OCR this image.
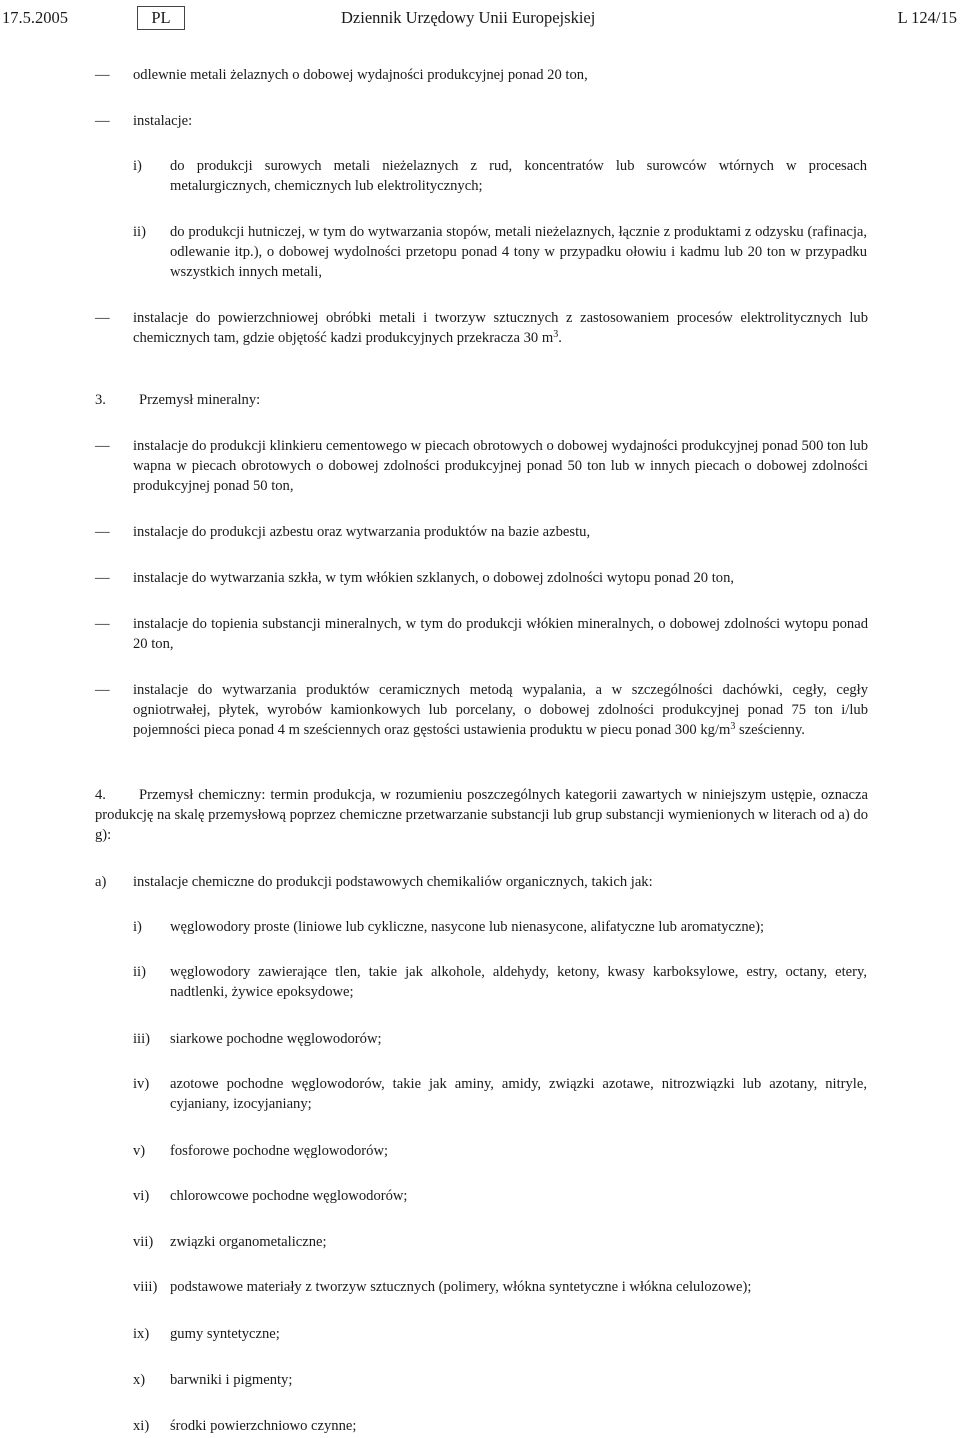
17.5.2005	PL	Dziennik Urzędowy Unii Europejskiej	L 124/15
—	odlewnie metali żelaznych o dobowej wydajności produkcyjnej ponad 20 ton,
—	instalacje:
i) do produkcji surowych metali nieżelaznych z rud, koncentratów lub surowców wtórnych w procesach metalurgicznych, chemicznych lub elektrolitycznych;
ii) do produkcji hutniczej, w tym do wytwarzania stopów, metali nieżelaznych, łącznie z produktami z odzysku (rafinacja, odlewanie itp.), o dobowej wydolności przetopu ponad 4 tony w przypadku ołowiu i kadmu lub 20 ton w przypadku wszystkich innych metali,
—	instalacje do powierzchniowej obróbki metali i tworzyw sztucznych z zastosowaniem procesów elektrolitycznych lub chemicznych tam, gdzie objętość kadzi produkcyjnych przekracza 30 $m^3$.
3. Przemysł mineralny:
—	instalacje do produkcji klinkieru cementowego w piecach obrotowych o dobowej wydajności produkcyjnej ponad 500 ton lub wapna w piecach obrotowych o dobowej zdolności produkcyjnej ponad 50 ton lub w innych piecach o dobowej zdolności produkcyjnej ponad 50 ton,
—	instalacje do produkcji azbestu oraz wytwarzania produktów na bazie azbestu,
—	instalacje do wytwarzania szkła, w tym włókien szklanych, o dobowej zdolności wytopu ponad 20 ton,
—	instalacje do topienia substancji mineralnych, w tym do produkcji włókien mineralnych, o dobowej zdolności wytopu ponad 20 ton,
—	instalacje do wytwarzania produktów ceramicznych metodą wypalania, a w szczególności dachówki, cegły, cegły ogniotrwałej, płytek, wyrobów kamionkowych lub porcelany, o dobowej zdolności produkcyjnej ponad 75 ton i/lub pojemności pieca ponad 4 m sześciennych oraz gęstości ustawienia produktu w piecu ponad 300 $kg/m^3$ sześcienny.
4. Przemysł chemiczny: termin produkcja, w rozumieniu poszczególnych kategorii zawartych w niniejszym ustępie, oznacza produkcję na skalę przemysłową poprzez chemiczne przetwarzanie substancji lub grup substancji wymienionych w literach od a) do g):
a) instalacje chemiczne do produkcji podstawowych chemikaliów organicznych, takich jak:
i) węglowodory proste (liniowe lub cykliczne, nasycone lub nienasycone, alifatyczne lub aromatyczne);
ii) węglowodory zawierające tlen, takie jak alkohole, aldehydy, ketony, kwasy karboksylowe, estry, octany, etery, nadtlenki, żywice epoksydowe;
iii) siarkowe pochodne węglowodorów;
iv) azotowe pochodne węglowodorów, takie jak aminy, amidy, związki azotawe, nitrozwiązki lub azotany, nitryle, cyjaniany, izocyjaniany;
v) fosforowe pochodne węglowodorów;
vi) chlorowcowe pochodne węglowodorów;
vii) związki organometaliczne;
viii) podstawowe materiały z tworzyw sztucznych (polimery, włókna syntetyczne i włókna celulozowe);
ix) gumy syntetyczne;
x) barwniki i pigmenty;
xi) środki powierzchniowo czynne;
